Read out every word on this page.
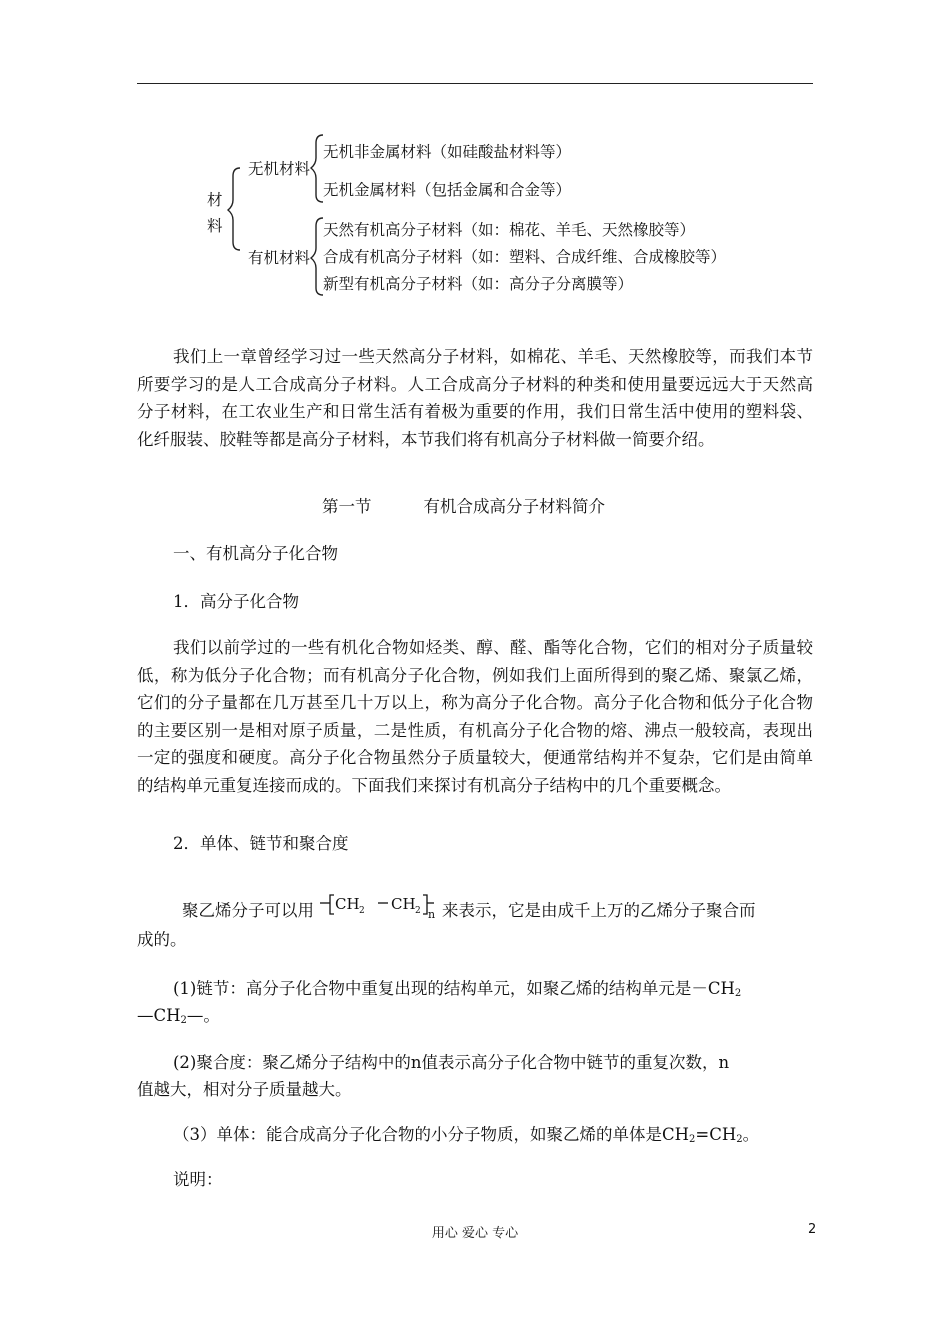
材
料
无机材料
无机非金属材料（如硅酸盐材料等）
无机金属材料（包括金属和合金等）
有机材料
天然有机高分子材料（如：棉花、羊毛、天然橡胶等）
合成有机高分子材料（如：塑料、合成纤维、合成橡胶等）
新型有机高分子材料（如：高分子分离膜等）

我们上一章曾经学习过一些天然高分子材料，如棉花、羊毛、天然橡胶等，而我们本节所要学习的是人工合成高分子材料。人工合成高分子材料的种类和使用量要远远大于天然高分子材料，在工农业生产和日常生活有着极为重要的作用，我们日常生活中使用的塑料袋、化纤服装、胶鞋等都是高分子材料，本节我们将有机高分子材料做一简要介绍。

第一节	有机合成高分子材料简介
一、有机高分子化合物
1．高分子化合物

我们以前学过的一些有机化合物如烃类、醇、醛、酯等化合物，它们的相对分子质量较低，称为低分子化合物；而有机高分子化合物，例如我们上面所得到的聚乙烯、聚氯乙烯，它们的分子量都在几万甚至几十万以上，称为高分子化合物。高分子化合物和低分子化合物的主要区别一是相对原子质量，二是性质，有机高分子化合物的熔、沸点一般较高，表现出一定的强度和硬度。高分子化合物虽然分子质量较大，便通常结构并不复杂，它们是由简单的结构单元重复连接而成的。下面我们来探讨有机高分子结构中的几个重要概念。

2．单体、链节和聚合度
聚乙烯分子可以用 CH 2 CH 2 n 来表示，它是由成千上万的乙烯分子聚合而
成的。
(1)链节：高分子化合物中重复出现的结构单元，如聚乙烯的结构单元是$-CH_2$
$—CH_2—$。
(2)聚合度：聚乙烯分子结构中的n值表示高分子化合物中链节的重复次数，n
值越大，相对分子质量越大。
（3）单体：能合成高分子化合物的小分子物质，如聚乙烯的单体是$CH_2=CH_2$。
说明：
用心 爱心 专心	2
